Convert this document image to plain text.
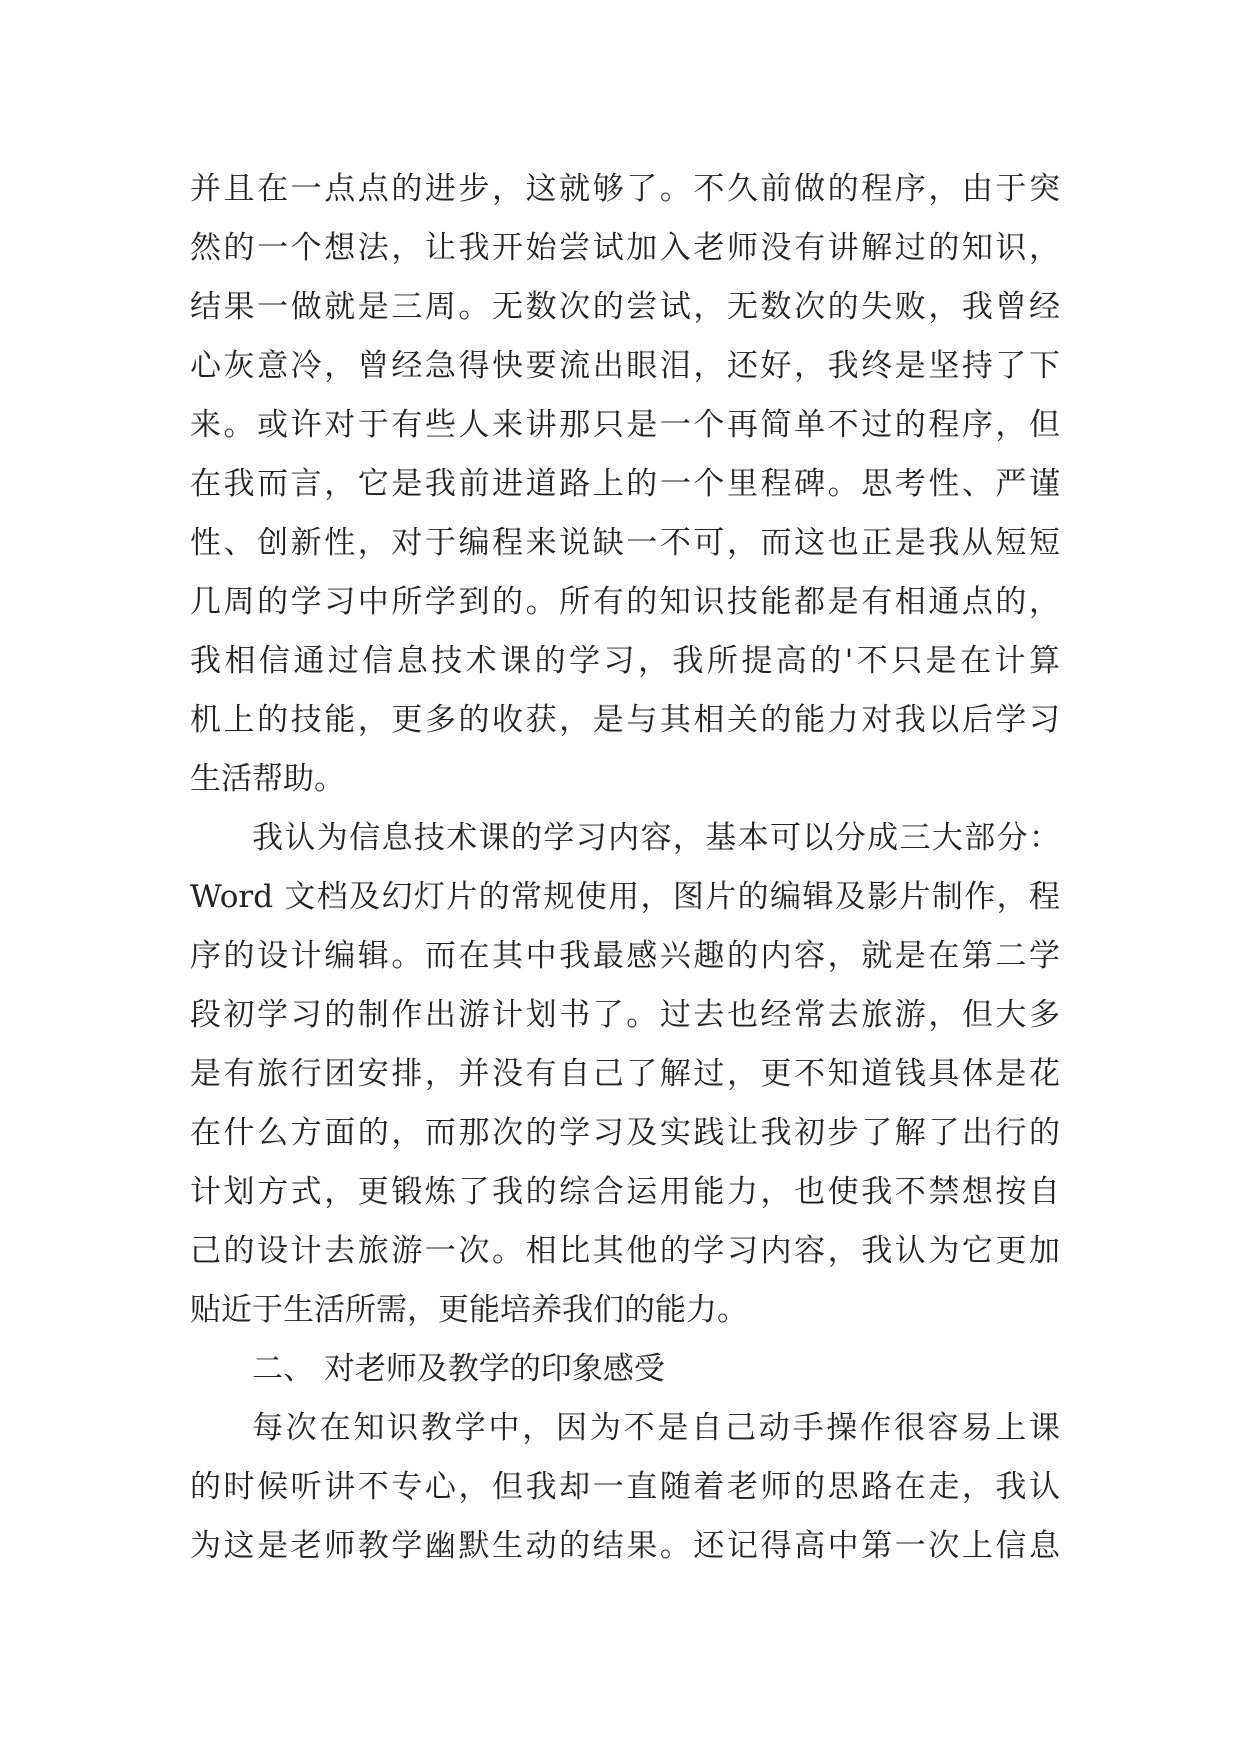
并且在一点点的进步，这就够了。不久前做的程序，由于突
然的一个想法，让我开始尝试加入老师没有讲解过的知识，
结果一做就是三周。无数次的尝试，无数次的失败，我曾经
心灰意冷，曾经急得快要流出眼泪，还好，我终是坚持了下
来。或许对于有些人来讲那只是一个再简单不过的程序，但
在我而言，它是我前进道路上的一个里程碑。思考性、严谨
性、创新性，对于编程来说缺一不可，而这也正是我从短短
几周的学习中所学到的。所有的知识技能都是有相通点的，
我相信通过信息技术课的学习，我所提高的'不只是在计算
机上的技能，更多的收获，是与其相关的能力对我以后学习
生活帮助。
我认为信息技术课的学习内容，基本可以分成三大部分：
Word 文档及幻灯片的常规使用，图片的编辑及影片制作，程
序的设计编辑。而在其中我最感兴趣的内容，就是在第二学
段初学习的制作出游计划书了。过去也经常去旅游，但大多
是有旅行团安排，并没有自己了解过，更不知道钱具体是花
在什么方面的，而那次的学习及实践让我初步了解了出行的
计划方式，更锻炼了我的综合运用能力，也使我不禁想按自
己的设计去旅游一次。相比其他的学习内容，我认为它更加
贴近于生活所需，更能培养我们的能力。
二、 对老师及教学的印象感受
每次在知识教学中，因为不是自己动手操作很容易上课
的时候听讲不专心，但我却一直随着老师的思路在走，我认
为这是老师教学幽默生动的结果。还记得高中第一次上信息
